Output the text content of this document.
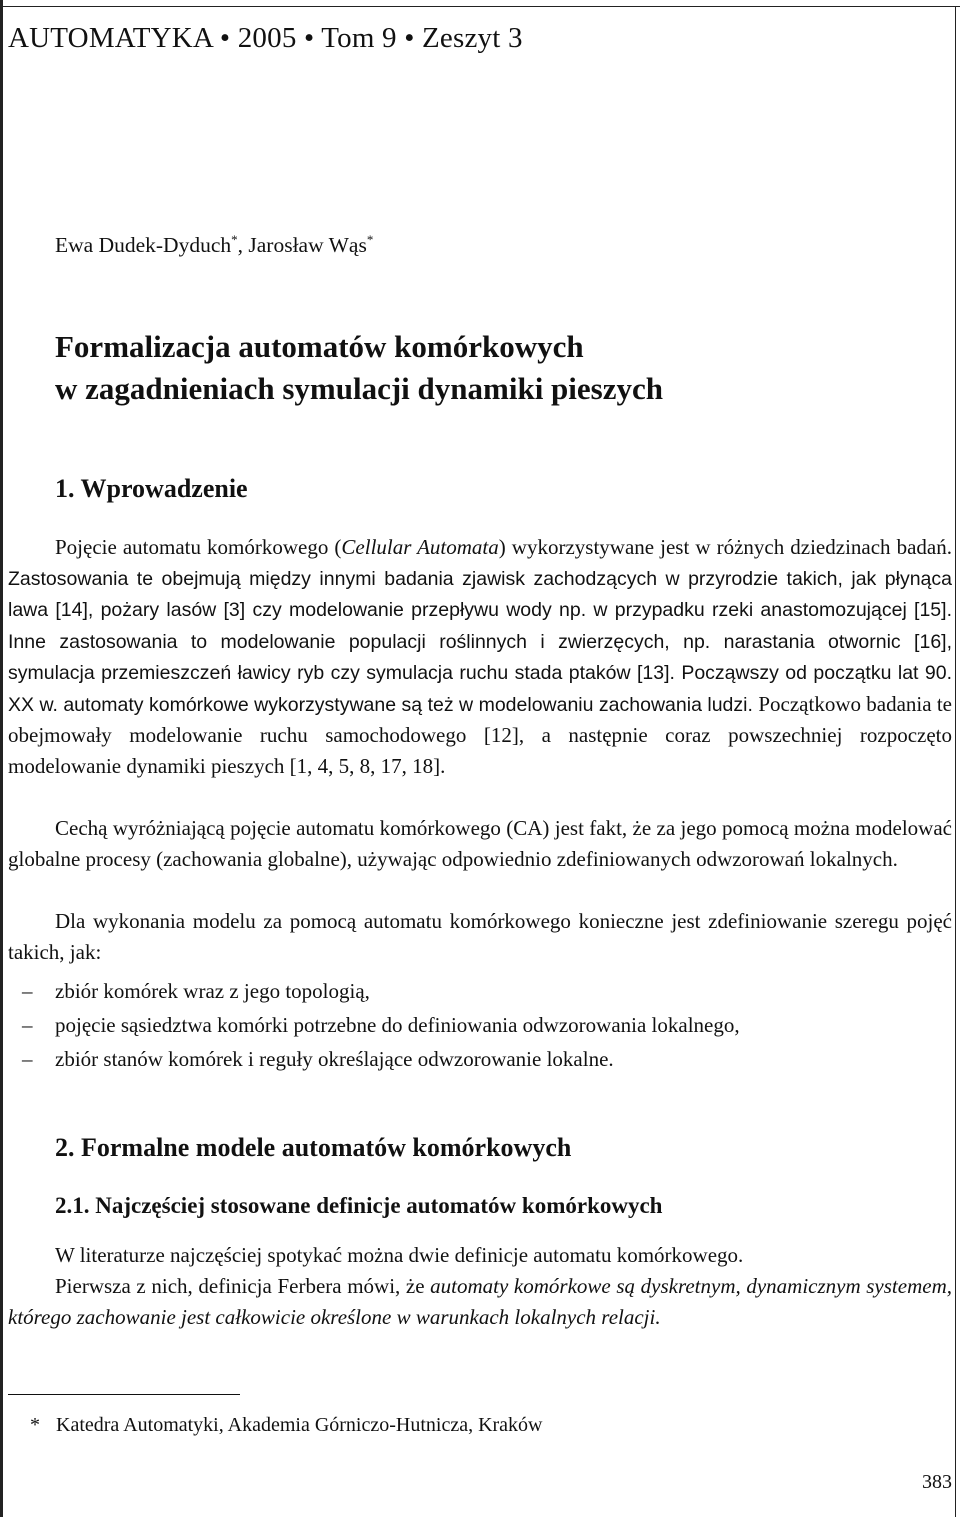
AUTOMATYKA • 2005 • Tom 9 • Zeszyt 3
Ewa Dudek-Dyduch*, Jarosław Wąs*
Formalizacja automatów komórkowych
w zagadnieniach symulacji dynamiki pieszych
1. Wprowadzenie

Pojęcie automatu komórkowego (Cellular Automata) wykorzystywane jest w różnych dziedzinach badań. Zastosowania te obejmują między innymi badania zjawisk zachodzących w przyrodzie takich, jak płynąca lawa [14], pożary lasów [3] czy modelowanie przepływu wody np. w przypadku rzeki anastomozującej [15]. Inne zastosowania to modelowanie populacji roślinnych i zwierzęcych, np. narastania otwornic [16], symulacja przemieszczeń ławicy ryb czy symulacja ruchu stada ptaków [13]. Począwszy od początku lat 90. XX w. automaty komórkowe wykorzystywane są też w modelowaniu zachowania ludzi. Początkowo badania te obejmowały modelowanie ruchu samochodowego [12], a następnie coraz powszechniej rozpoczęto modelowanie dynamiki pieszych [1, 4, 5, 8, 17, 18].

Cechą wyróżniającą pojęcie automatu komórkowego (CA) jest fakt, że za jego pomocą można modelować globalne procesy (zachowania globalne), używając odpowiednio zdefiniowanych odwzorowań lokalnych.

Dla wykonania modelu za pomocą automatu komórkowego konieczne jest zdefiniowanie szeregu pojęć takich, jak:

– zbiór komórek wraz z jego topologią,
– pojęcie sąsiedztwa komórki potrzebne do definiowania odwzorowania lokalnego,
– zbiór stanów komórek i reguły określające odwzorowanie lokalne.
2. Formalne modele automatów komórkowych
2.1. Najczęściej stosowane definicje automatów komórkowych

W literaturze najczęściej spotykać można dwie definicje automatu komórkowego.

Pierwsza z nich, definicja Ferbera mówi, że automaty komórkowe są dyskretnym, dynamicznym systemem, którego zachowanie jest całkowicie określone w warunkach lokalnych relacji.

* Katedra Automatyki, Akademia Górniczo-Hutnicza, Kraków
383
